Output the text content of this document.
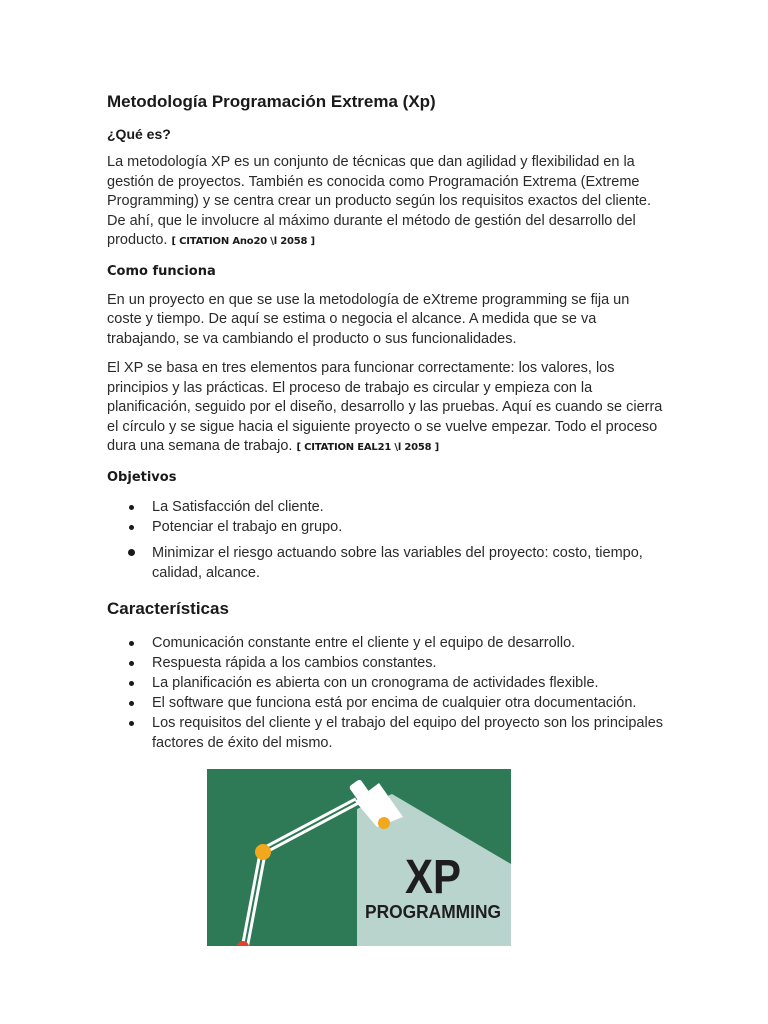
Metodología Programación Extrema (Xp)
¿Qué es?

La metodología XP es un conjunto de técnicas que dan agilidad y flexibilidad en la gestión de proyectos. También es conocida como Programación Extrema (Extreme Programming) y se centra crear un producto según los requisitos exactos del cliente. De ahí, que le involucre al máximo durante el método de gestión del desarrollo del producto. [ CITATION Ano20 \l 2058 ]

Como funciona

En un proyecto en que se use la metodología de eXtreme programming se fija un coste y tiempo. De aquí se estima o negocia el alcance. A medida que se va trabajando, se va cambiando el producto o sus funcionalidades.

El XP se basa en tres elementos para funcionar correctamente: los valores, los principios y las prácticas. El proceso de trabajo es circular y empieza con la planificación, seguido por el diseño, desarrollo y las pruebas. Aquí es cuando se cierra el círculo y se sigue hacia el siguiente proyecto o se vuelve empezar. Todo el proceso dura una semana de trabajo. [ CITATION EAL21 \l 2058 ]

Objetivos
La Satisfacción del cliente.
Potenciar el trabajo en grupo.
Minimizar el riesgo actuando sobre las variables del proyecto: costo, tiempo, calidad, alcance.
Características
Comunicación constante entre el cliente y el equipo de desarrollo.
Respuesta rápida a los cambios constantes.
La planificación es abierta con un cronograma de actividades flexible.
El software que funciona está por encima de cualquier otra documentación.
Los requisitos del cliente y el trabajo del equipo del proyecto son los principales factores de éxito del mismo.
XP
PROGRAMMING
